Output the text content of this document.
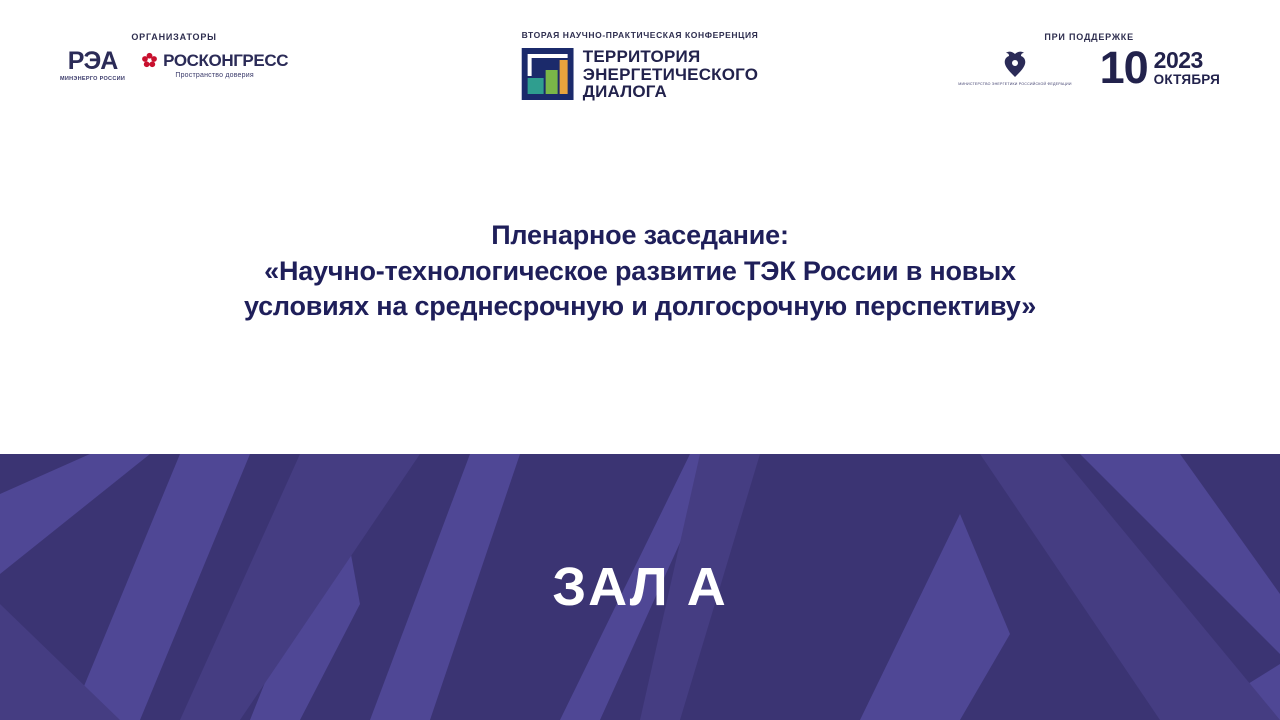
ОРГАНИЗАТОРЫ
РЭА
МИНЭНЕРГО РОССИИ
РОСКОНГРЕСС
Пространство доверия
ВТОРАЯ НАУЧНО-ПРАКТИЧЕСКАЯ КОНФЕРЕНЦИЯ
ТЕРРИТОРИЯ
ЭНЕРГЕТИЧЕСКОГО
ДИАЛОГА
ПРИ ПОДДЕРЖКЕ
МИНИСТЕРСТВО ЭНЕРГЕТИКИ РОССИЙСКОЙ ФЕДЕРАЦИИ 10 2023
ОКТЯБРЯ
Пленарное заседание:
«Научно-технологическое развитие ТЭК России в новых
условиях на среднесрочную и долгосрочную перспективу»
ЗАЛ А
